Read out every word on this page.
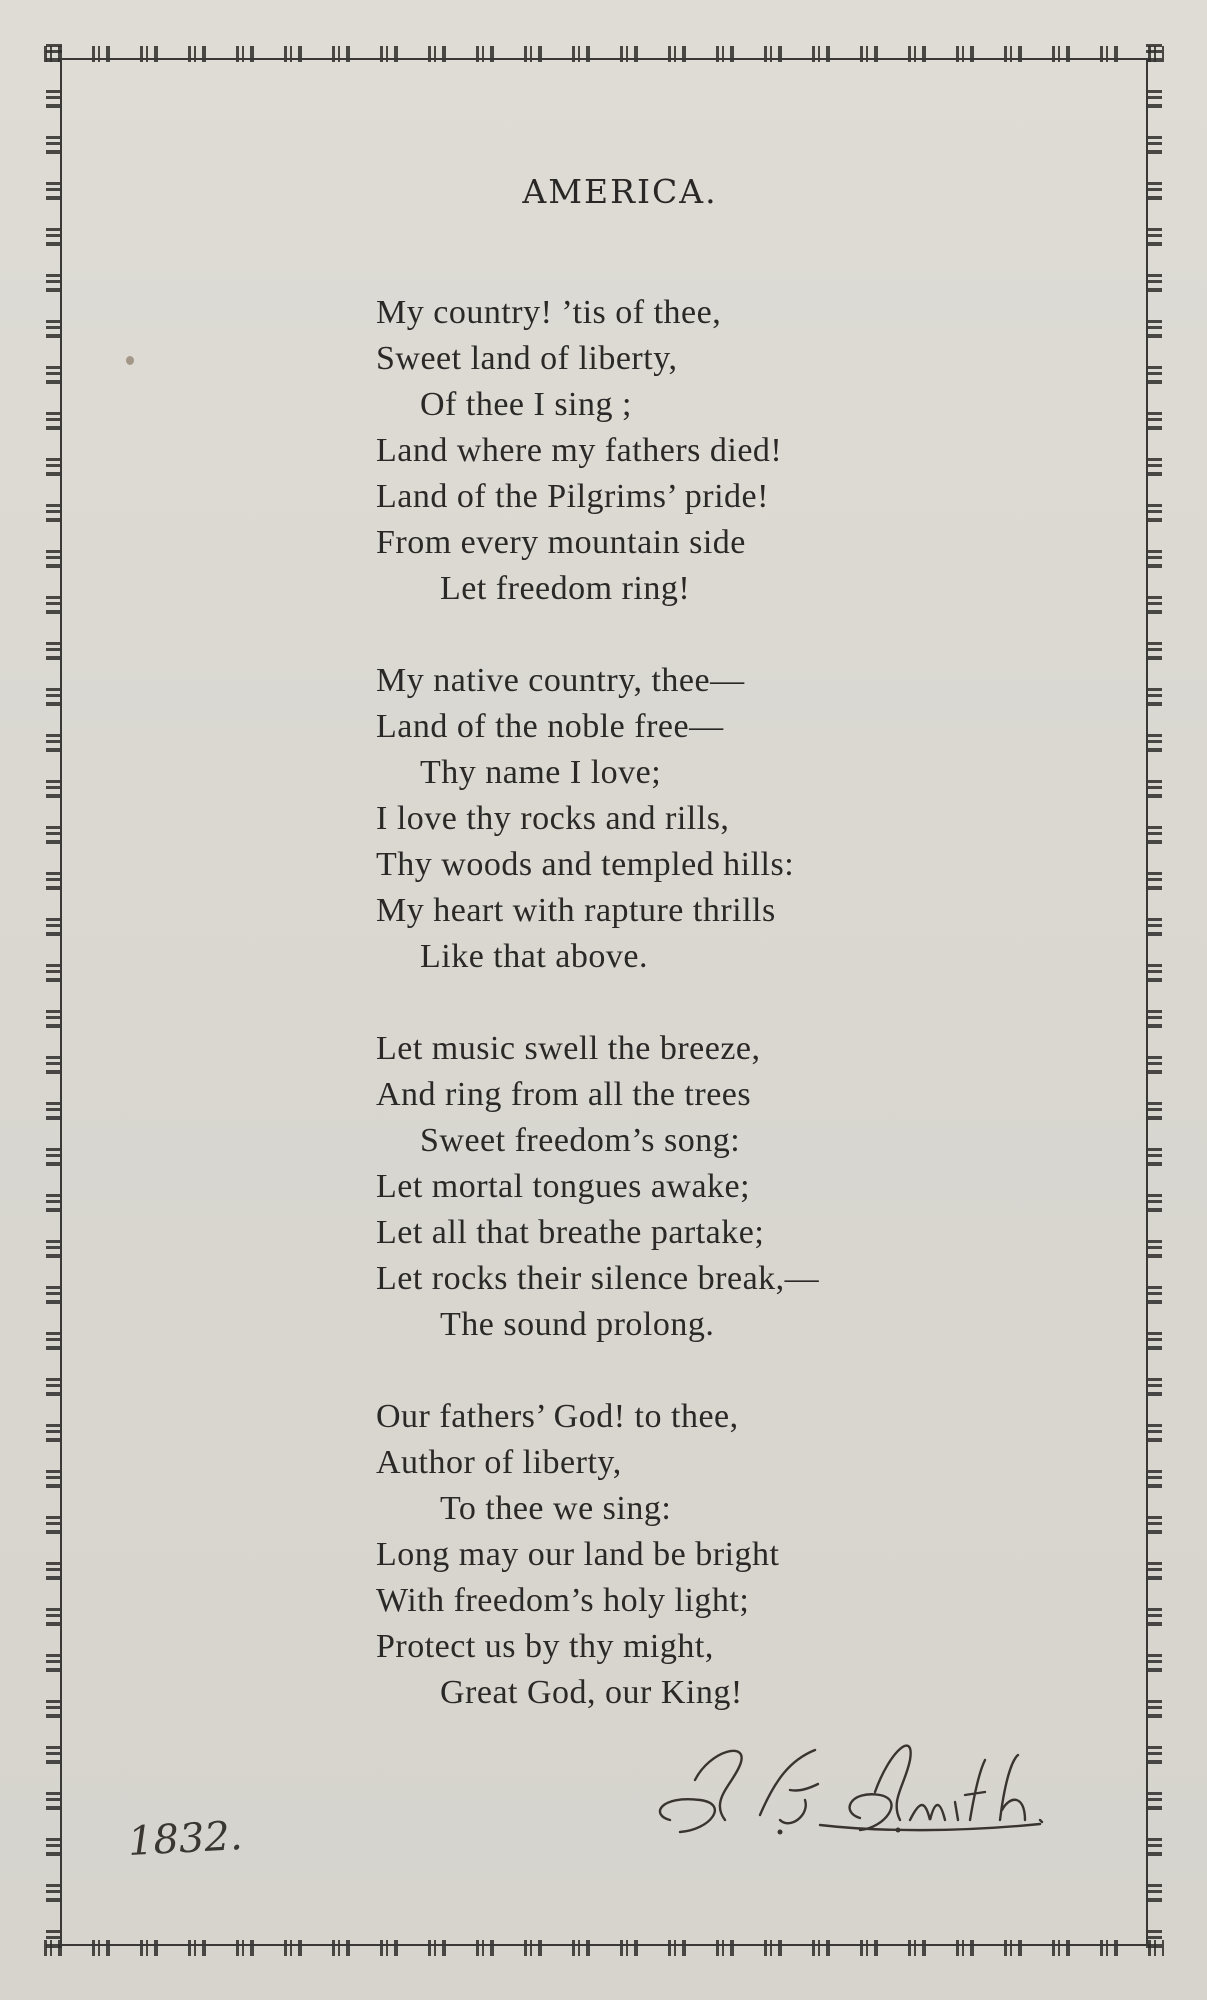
AMERICA.
My country! ’tis of thee,
Sweet land of liberty,
Of thee I sing ;
Land where my fathers died!
Land of the Pilgrims’ pride!
From every mountain side
Let freedom ring!
My native country, thee—
Land of the noble free—
Thy name I love;
I love thy rocks and rills,
Thy woods and templed hills:
My heart with rapture thrills
Like that above.
Let music swell the breeze,
And ring from all the trees
Sweet freedom’s song:
Let mortal tongues awake;
Let all that breathe partake;
Let rocks their silence break,—
The sound prolong.
Our fathers’ God! to thee,
Author of liberty,
To thee we sing:
Long may our land be bright
With freedom’s holy light;
Protect us by thy might,
Great God, our King!
1832.
